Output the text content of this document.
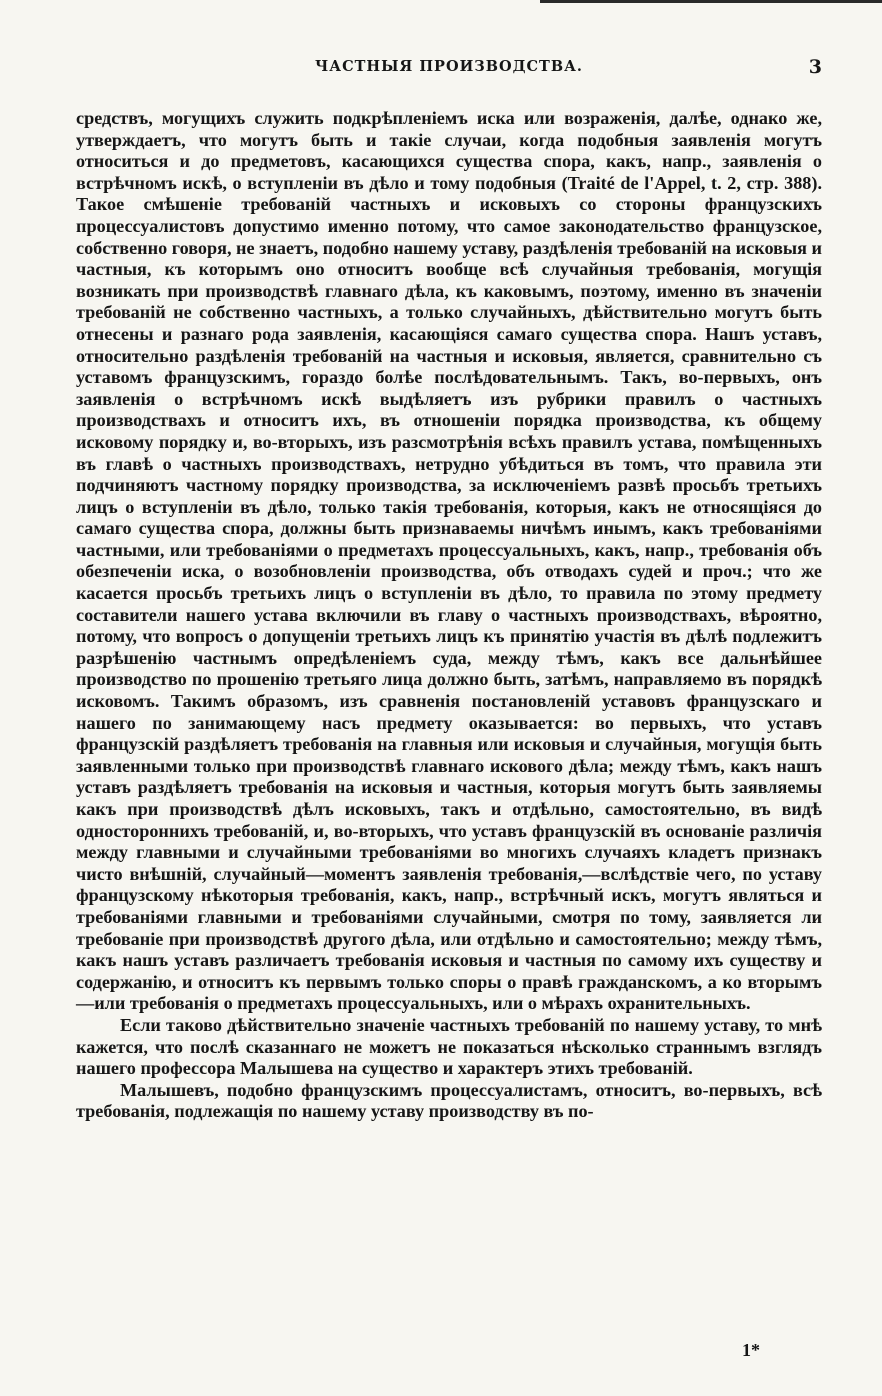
ЧАСТНЫЯ ПРОИЗВОДСТВА.	3

средствъ, могущихъ служить подкрѣпленіемъ иска или возраженія, далѣе, однако же, утверждаетъ, что могутъ быть и такіе случаи, когда подобныя заявленія могутъ относиться и до предметовъ, касающихся существа спора, какъ, напр., заявленія о встрѣчномъ искѣ, о вступленіи въ дѣло и тому подобныя (Traité de l'Appel, t. 2, стр. 388). Такое смѣшеніе требованій частныхъ и исковыхъ со стороны французскихъ процессуалистовъ допустимо именно потому, что самое законодательство французское, собственно говоря, не знаетъ, подобно нашему уставу, раздѣленія требованій на исковыя и частныя, къ которымъ оно относитъ вообще всѣ случайныя требованія, могущія возникать при производствѣ главнаго дѣла, къ каковымъ, поэтому, именно въ значеніи требованій не собственно частныхъ, а только случайныхъ, дѣйствительно могутъ быть отнесены и разнаго рода заявленія, касающіяся самаго существа спора. Нашъ уставъ, относительно раздѣленія требованій на частныя и исковыя, является, сравнительно съ уставомъ французскимъ, гораздо болѣе послѣдовательнымъ. Такъ, во-первыхъ, онъ заявленія о встрѣчномъ искѣ выдѣляетъ изъ рубрики правилъ о частныхъ производствахъ и относитъ ихъ, въ отношеніи порядка производства, къ общему исковому порядку и, во-вторыхъ, изъ разсмотрѣнія всѣхъ правилъ устава, помѣщенныхъ въ главѣ о частныхъ производствахъ, нетрудно убѣдиться въ томъ, что правила эти подчиняютъ частному порядку производства, за исключеніемъ развѣ просьбъ третьихъ лицъ о вступленіи въ дѣло, только такія требованія, которыя, какъ не относящіяся до самаго существа спора, должны быть признаваемы ничѣмъ инымъ, какъ требованіями частными, или требованіями о предметахъ процессуальныхъ, какъ, напр., требованія объ обезпеченіи иска, о возобновленіи производства, объ отводахъ судей и проч.; что же касается просьбъ третьихъ лицъ о вступленіи въ дѣло, то правила по этому предмету составители нашего устава включили въ главу о частныхъ производствахъ, вѣроятно, потому, что вопросъ о допущеніи третьихъ лицъ къ принятію участія въ дѣлѣ подлежитъ разрѣшенію частнымъ опредѣленіемъ суда, между тѣмъ, какъ все дальнѣйшее производство по прошенію третьяго лица должно быть, затѣмъ, направляемо въ порядкѣ исковомъ. Такимъ образомъ, изъ сравненія постановленій уставовъ французскаго и нашего по занимающему насъ предмету оказывается: во первыхъ, что уставъ французскій раздѣляетъ требованія на главныя или исковыя и случайныя, могущія быть заявленными только при производствѣ главнаго искового дѣла; между тѣмъ, какъ нашъ уставъ раздѣляетъ требованія на исковыя и частныя, которыя могутъ быть заявляемы какъ при производствѣ дѣлъ исковыхъ, такъ и отдѣльно, самостоятельно, въ видѣ одностороннихъ требованій, и, во-вторыхъ, что уставъ французскій въ основаніе различія между главными и случайными требованіями во многихъ случаяхъ кладетъ признакъ чисто внѣшній, случайный—моментъ заявленія требованія,—вслѣдствіе чего, по уставу французскому нѣкоторыя требованія, какъ, напр., встрѣчный искъ, могутъ являться и требованіями главными и требованіями случайными, смотря по тому, заявляется ли требованіе при производствѣ другого дѣла, или отдѣльно и самостоятельно; между тѣмъ, какъ нашъ уставъ различаетъ требованія исковыя и частныя по самому ихъ существу и содержанію, и относитъ къ первымъ только споры о правѣ гражданскомъ, а ко вторымъ—или требованія о предметахъ процессуальныхъ, или о мѣрахъ охранительныхъ.

Если таково дѣйствительно значеніе частныхъ требованій по нашему уставу, то мнѣ кажется, что послѣ сказаннаго не можетъ не показаться нѣсколько страннымъ взглядъ нашего профессора Малышева на существо и характеръ этихъ требованій.

Малышевъ, подобно французскимъ процессуалистамъ, относитъ, во-первыхъ, всѣ требованія, подлежащія по нашему уставу производству въ по-

1*
